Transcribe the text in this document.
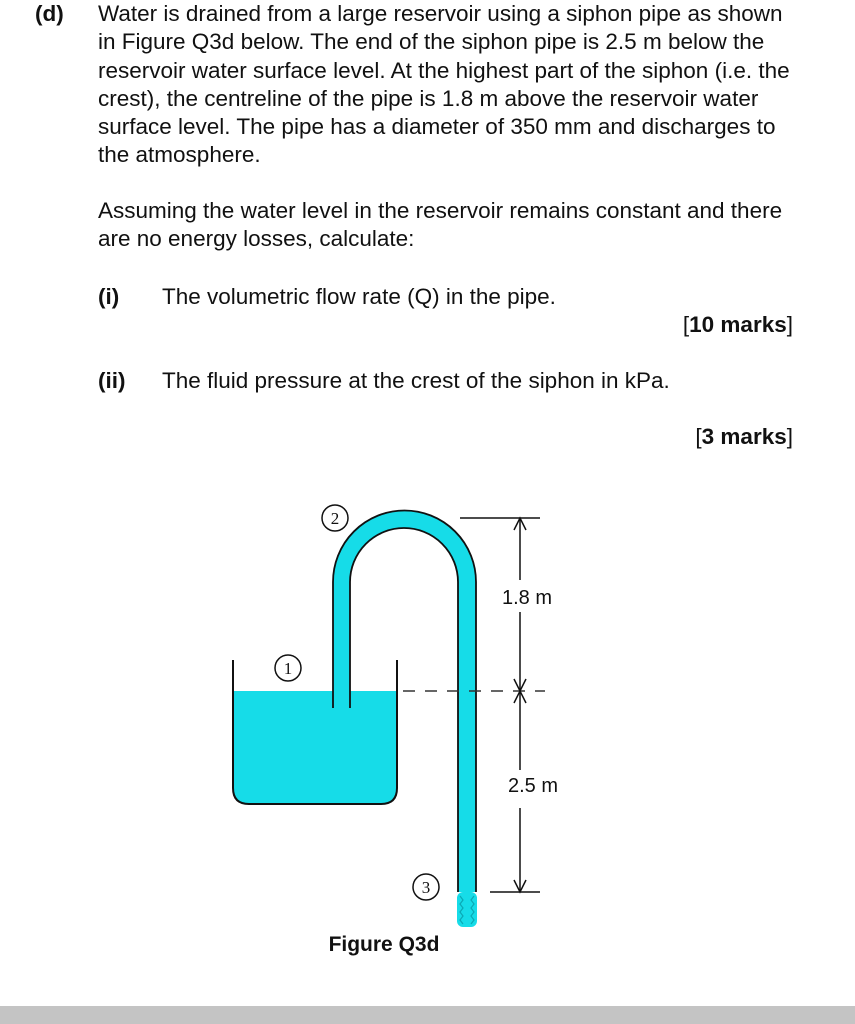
(d) Water is drained from a large reservoir using a siphon pipe as shown in Figure Q3d below. The end of the siphon pipe is 2.5 m below the reservoir water surface level. At the highest part of the siphon (i.e. the crest), the centreline of the pipe is 1.8 m above the reservoir water surface level. The pipe has a diameter of 350 mm and discharges to the atmosphere.

Assuming the water level in the reservoir remains constant and there are no energy losses, calculate:

(i) The volumetric flow rate (Q) in the pipe.
[10 marks]
(ii) The fluid pressure at the crest of the siphon in kPa.
[3 marks]
1.8 m
2.5 m
1
2
3
Figure Q3d
